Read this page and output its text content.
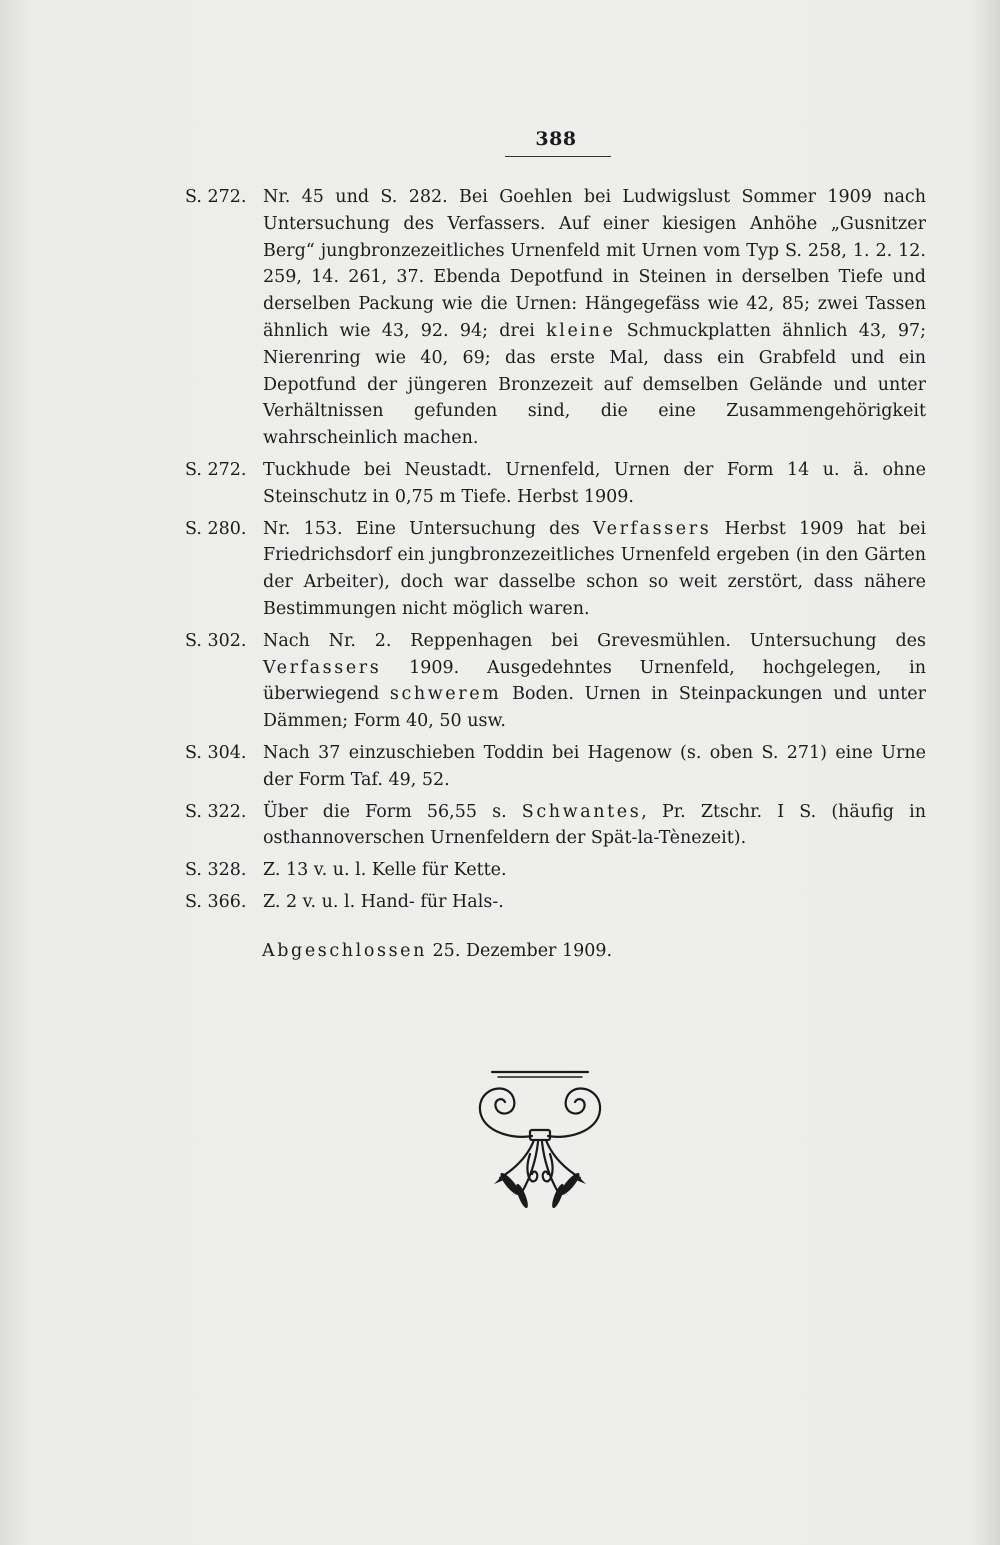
388
S. 272. Nr. 45 und S. 282. Bei Goehlen bei Ludwigslust Sommer 1909 nach Untersuchung des Verfassers. Auf einer kiesigen Anhöhe „Gusnitzer Berg“ jungbronzezeitliches Urnenfeld mit Urnen vom Typ S. 258, 1. 2. 12. 259, 14. 261, 37. Ebenda Depotfund in Steinen in derselben Tiefe und derselben Packung wie die Urnen: Hängegefäss wie 42, 85; zwei Tassen ähnlich wie 43, 92. 94; drei kleine Schmuckplatten ähnlich 43, 97; Nierenring wie 40, 69; das erste Mal, dass ein Grabfeld und ein Depotfund der jüngeren Bronzezeit auf demselben Gelände und unter Verhältnissen gefunden sind, die eine Zusammengehörigkeit wahrscheinlich machen.
S. 272. Tuckhude bei Neustadt. Urnenfeld, Urnen der Form 14 u. ä. ohne Steinschutz in 0,75 m Tiefe. Herbst 1909.
S. 280. Nr. 153. Eine Untersuchung des Verfassers Herbst 1909 hat bei Friedrichsdorf ein jungbronzezeitliches Urnenfeld ergeben (in den Gärten der Arbeiter), doch war dasselbe schon so weit zerstört, dass nähere Bestimmungen nicht möglich waren.
S. 302. Nach Nr. 2. Reppenhagen bei Grevesmühlen. Untersuchung des Verfassers 1909. Ausgedehntes Urnenfeld, hochgelegen, in überwiegend schwerem Boden. Urnen in Steinpackungen und unter Dämmen; Form 40, 50 usw.
S. 304. Nach 37 einzuschieben Toddin bei Hagenow (s. oben S. 271) eine Urne der Form Taf. 49, 52.
S. 322. Über die Form 56,55 s. Schwantes, Pr. Ztschr. I S. (häufig in osthannoverschen Urnenfeldern der Spät-la-Tènezeit).
S. 328. Z. 13 v. u. l. Kelle für Kette.
S. 366. Z. 2 v. u. l. Hand- für Hals-.
Abgeschlossen 25. Dezember 1909.
